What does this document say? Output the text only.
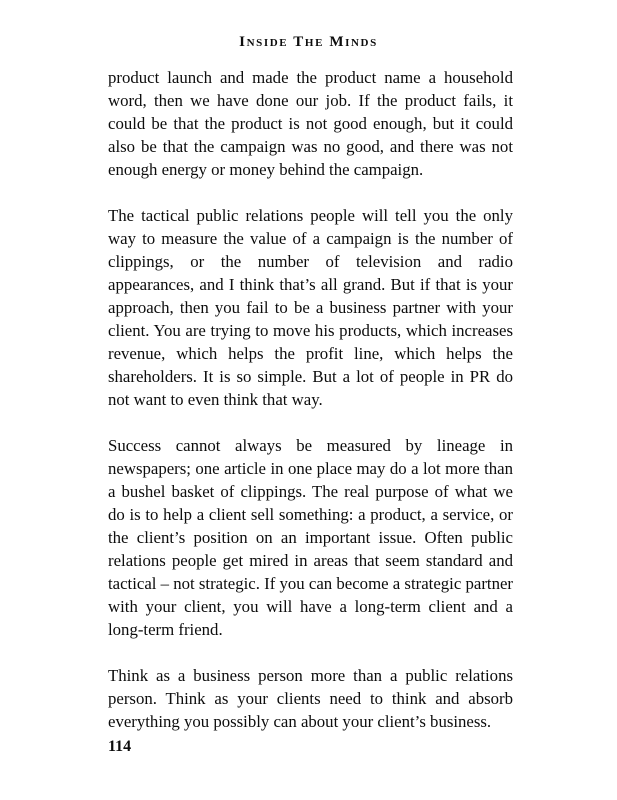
Inside The Minds

product launch and made the product name a household word, then we have done our job. If the product fails, it could be that the product is not good enough, but it could also be that the campaign was no good, and there was not enough energy or money behind the campaign.

The tactical public relations people will tell you the only way to measure the value of a campaign is the number of clippings, or the number of television and radio appearances, and I think that’s all grand. But if that is your approach, then you fail to be a business partner with your client. You are trying to move his products, which increases revenue, which helps the profit line, which helps the shareholders. It is so simple. But a lot of people in PR do not want to even think that way.

Success cannot always be measured by lineage in newspapers; one article in one place may do a lot more than a bushel basket of clippings. The real purpose of what we do is to help a client sell something: a product, a service, or the client’s position on an important issue. Often public relations people get mired in areas that seem standard and tactical – not strategic. If you can become a strategic partner with your client, you will have a long-term client and a long-term friend.

Think as a business person more than a public relations person. Think as your clients need to think and absorb everything you possibly can about your client’s business.

114
